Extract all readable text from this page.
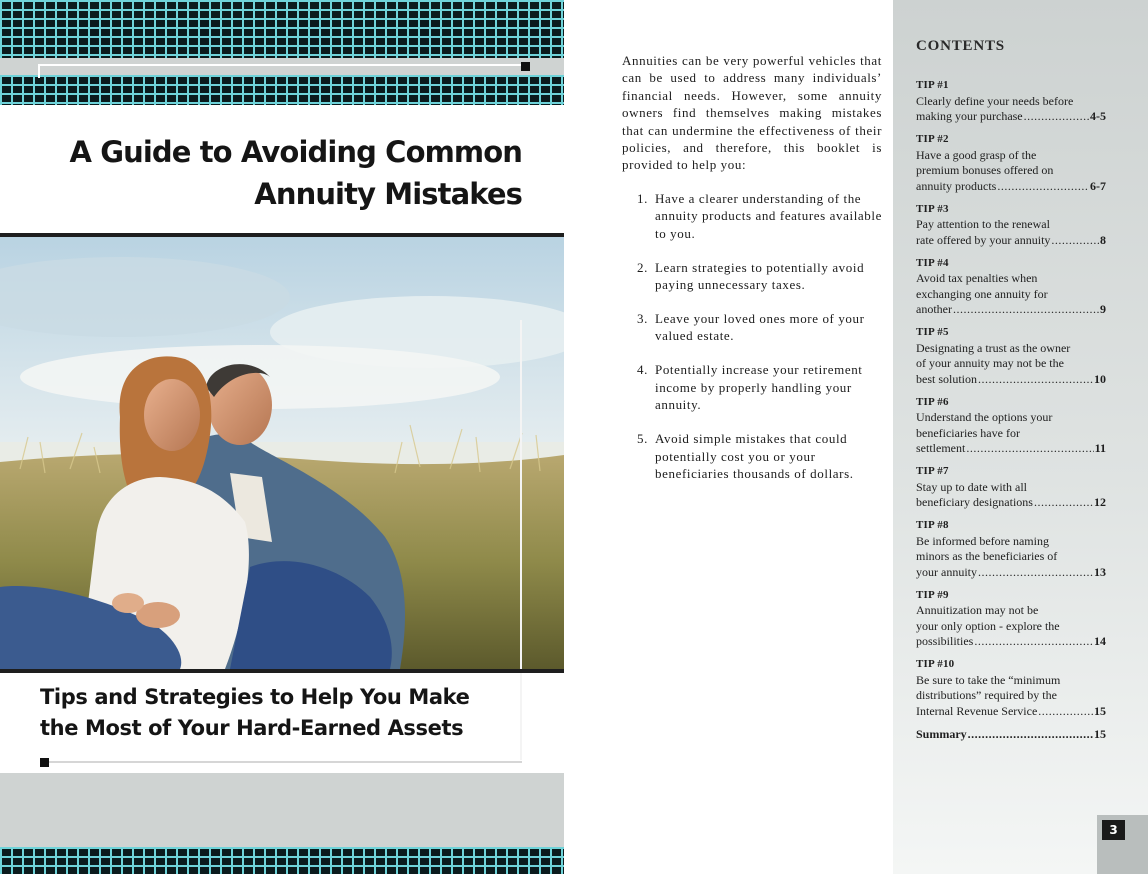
A Guide to Avoiding Common
Annuity Mistakes
Tips and Strategies to Help You Make
the Most of Your Hard-Earned Assets

Annuities can be very powerful vehicles that can be used to address many individuals’ financial needs. However, some annuity owners find themselves making mistakes that can undermine the effectiveness of their policies, and therefore, this booklet is provided to help you:

1. Have a clearer understanding of the annuity products and features available to you.
2. Learn strategies to potentially avoid paying unnecessary taxes.
3. Leave your loved ones more of your valued estate.
4. Potentially increase your retirement income by properly handling your annuity.
5. Avoid simple mistakes that could potentially cost you or your beneficiaries thousands of dollars.
CONTENTS
TIP #1
Clearly define your needs before
making your purchase .....	4-5
TIP #2
Have a good grasp of the
premium bonuses offered on
annuity products .....	6-7
TIP #3
Pay attention to the renewal
rate offered by your annuity .....	8
TIP #4
Avoid tax penalties when
exchanging one annuity for
another .....	9
TIP #5
Designating a trust as the owner
of your annuity may not be the
best solution .....	10
TIP #6
Understand the options your
beneficiaries have for
settlement .....	11
TIP #7
Stay up to date with all
beneficiary designations .....	12
TIP #8
Be informed before naming
minors as the beneficiaries of
your annuity .....	13
TIP #9
Annuitization may not be
your only option - explore the
possibilities .....	14
TIP #10
Be sure to take the “minimum
distributions” required by the
Internal Revenue Service .....	15
Summary .....	15
3
